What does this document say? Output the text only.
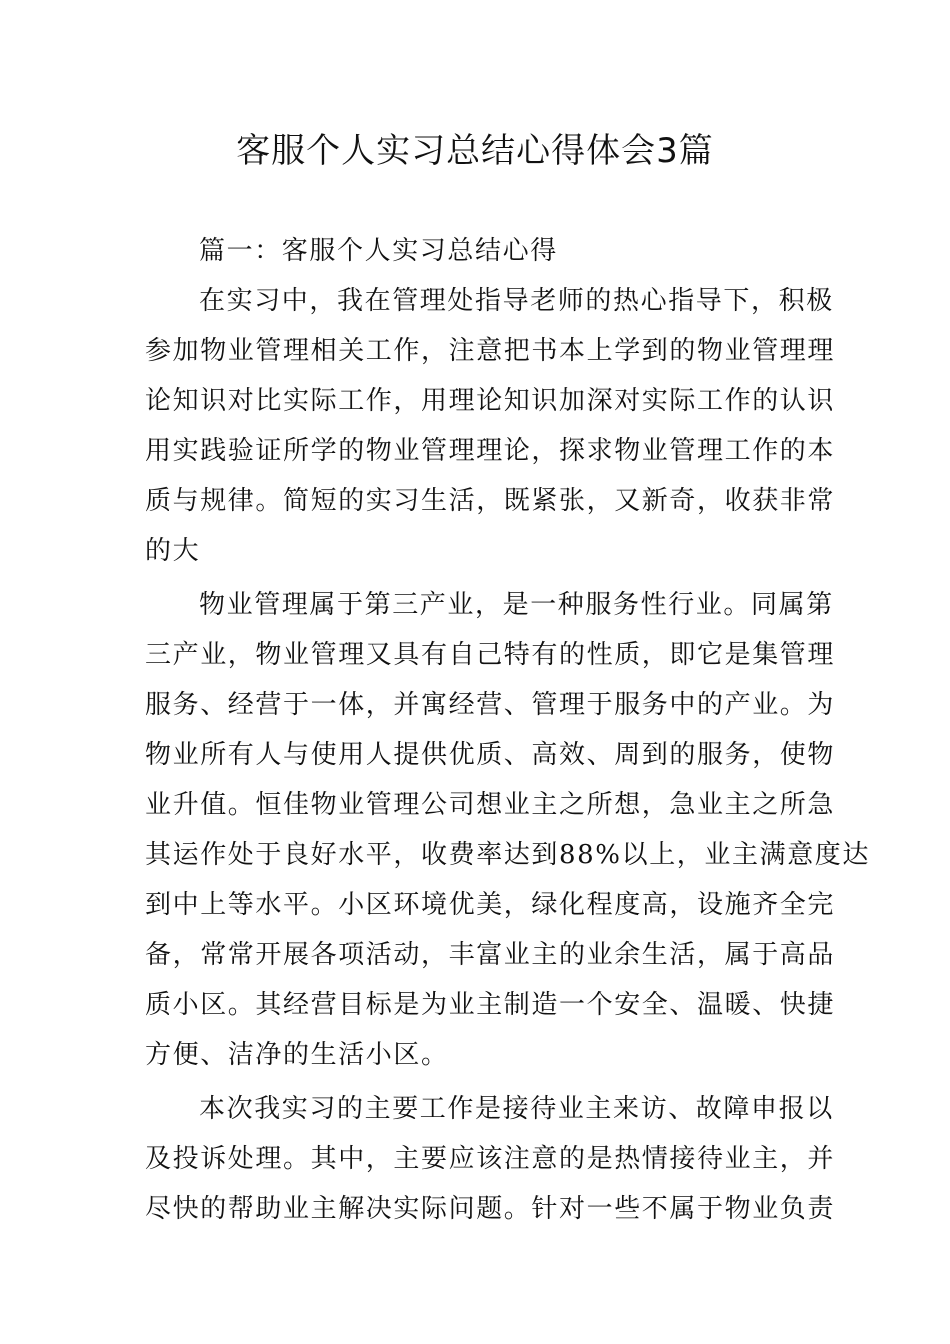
客服个人实习总结心得体会3篇
篇一：客服个人实习总结心得
在实习中，我在管理处指导老师的热心指导下，积极
参加物业管理相关工作，注意把书本上学到的物业管理理
论知识对比实际工作，用理论知识加深对实际工作的认识
用实践验证所学的物业管理理论，探求物业管理工作的本
质与规律。简短的实习生活，既紧张，又新奇，收获非常
的大
物业管理属于第三产业，是一种服务性行业。同属第
三产业，物业管理又具有自己特有的性质，即它是集管理
服务、经营于一体，并寓经营、管理于服务中的产业。为
物业所有人与使用人提供优质、高效、周到的服务，使物
业升值。恒佳物业管理公司想业主之所想，急业主之所急
其运作处于良好水平，收费率达到88%以上，业主满意度达
到中上等水平。小区环境优美，绿化程度高，设施齐全完
备，常常开展各项活动，丰富业主的业余生活，属于高品
质小区。其经营目标是为业主制造一个安全、温暖、快捷
方便、洁净的生活小区。
本次我实习的主要工作是接待业主来访、故障申报以
及投诉处理。其中，主要应该注意的是热情接待业主，并
尽快的帮助业主解决实际问题。针对一些不属于物业负责
